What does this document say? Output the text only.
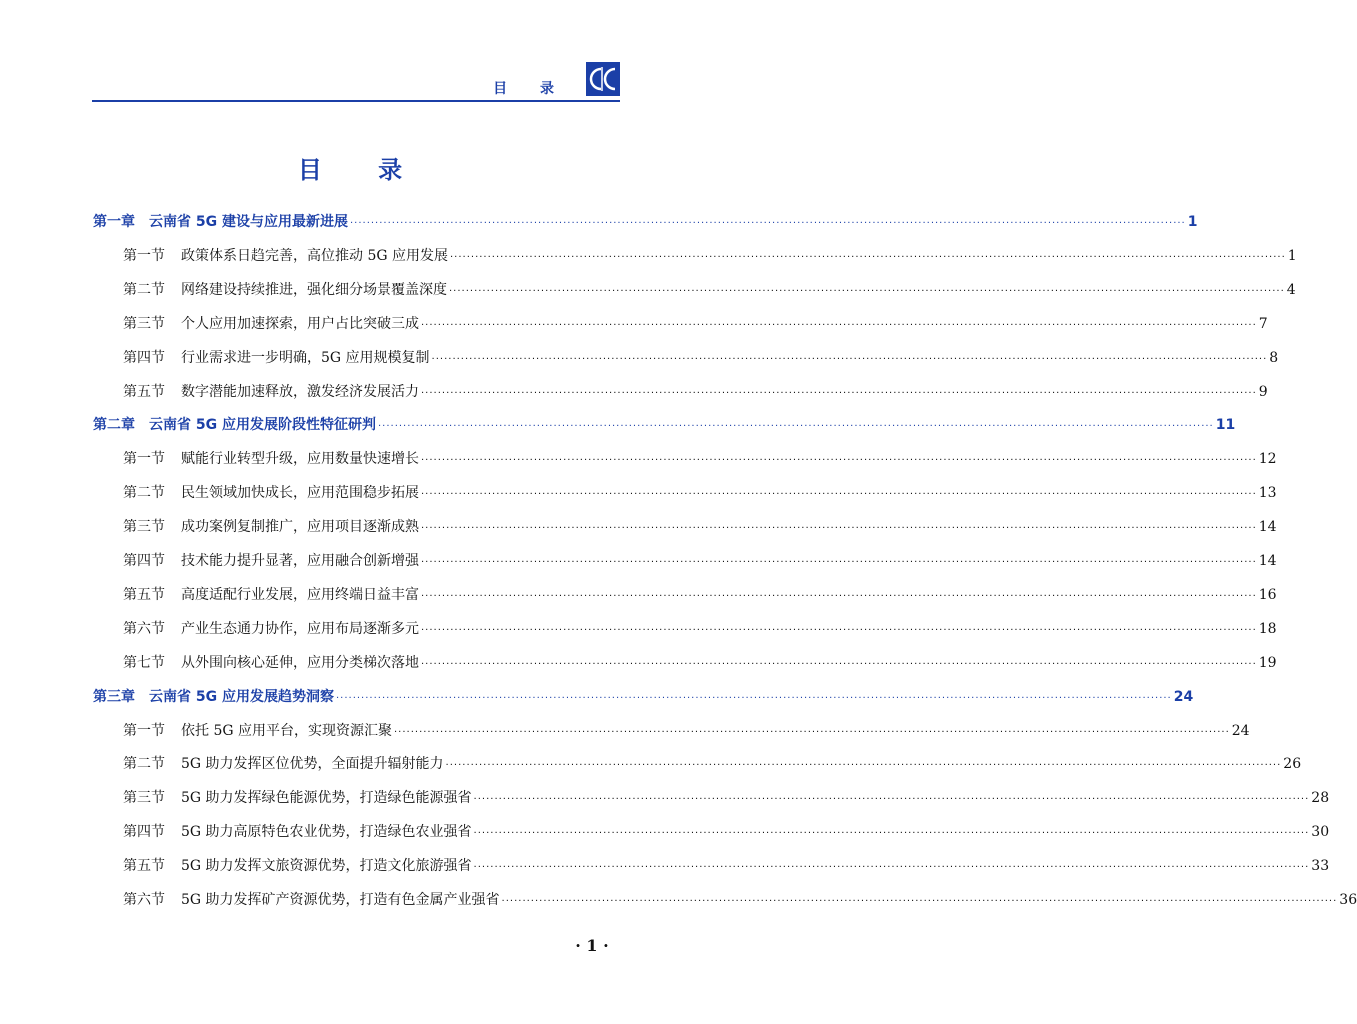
目 录
目 录
第一章 云南省 5G 建设与应用最新进展 ········································································································································································································ 1
第一节 政策体系日趋完善，高位推动 5G 应用发展 ········································································································································································································ 1
第二节 网络建设持续推进，强化细分场景覆盖深度 ········································································································································································································ 4
第三节 个人应用加速探索，用户占比突破三成 ········································································································································································································ 7
第四节 行业需求进一步明确，5G 应用规模复制 ········································································································································································································ 8
第五节 数字潜能加速释放，激发经济发展活力 ········································································································································································································ 9
第二章 云南省 5G 应用发展阶段性特征研判 ········································································································································································································ 11
第一节 赋能行业转型升级，应用数量快速增长 ········································································································································································································ 12
第二节 民生领域加快成长，应用范围稳步拓展 ········································································································································································································ 13
第三节 成功案例复制推广，应用项目逐渐成熟 ········································································································································································································ 14
第四节 技术能力提升显著，应用融合创新增强 ········································································································································································································ 14
第五节 高度适配行业发展，应用终端日益丰富 ········································································································································································································ 16
第六节 产业生态通力协作，应用布局逐渐多元 ········································································································································································································ 18
第七节 从外围向核心延伸，应用分类梯次落地 ········································································································································································································ 19
第三章 云南省 5G 应用发展趋势洞察 ········································································································································································································ 24
第一节 依托 5G 应用平台，实现资源汇聚 ········································································································································································································ 24
第二节 5G 助力发挥区位优势，全面提升辐射能力 ········································································································································································································ 26
第三节 5G 助力发挥绿色能源优势，打造绿色能源强省 ········································································································································································································ 28
第四节 5G 助力高原特色农业优势，打造绿色农业强省 ········································································································································································································ 30
第五节 5G 助力发挥文旅资源优势，打造文化旅游强省 ········································································································································································································ 33
第六节 5G 助力发挥矿产资源优势，打造有色金属产业强省 ········································································································································································································ 36
· 1 ·
